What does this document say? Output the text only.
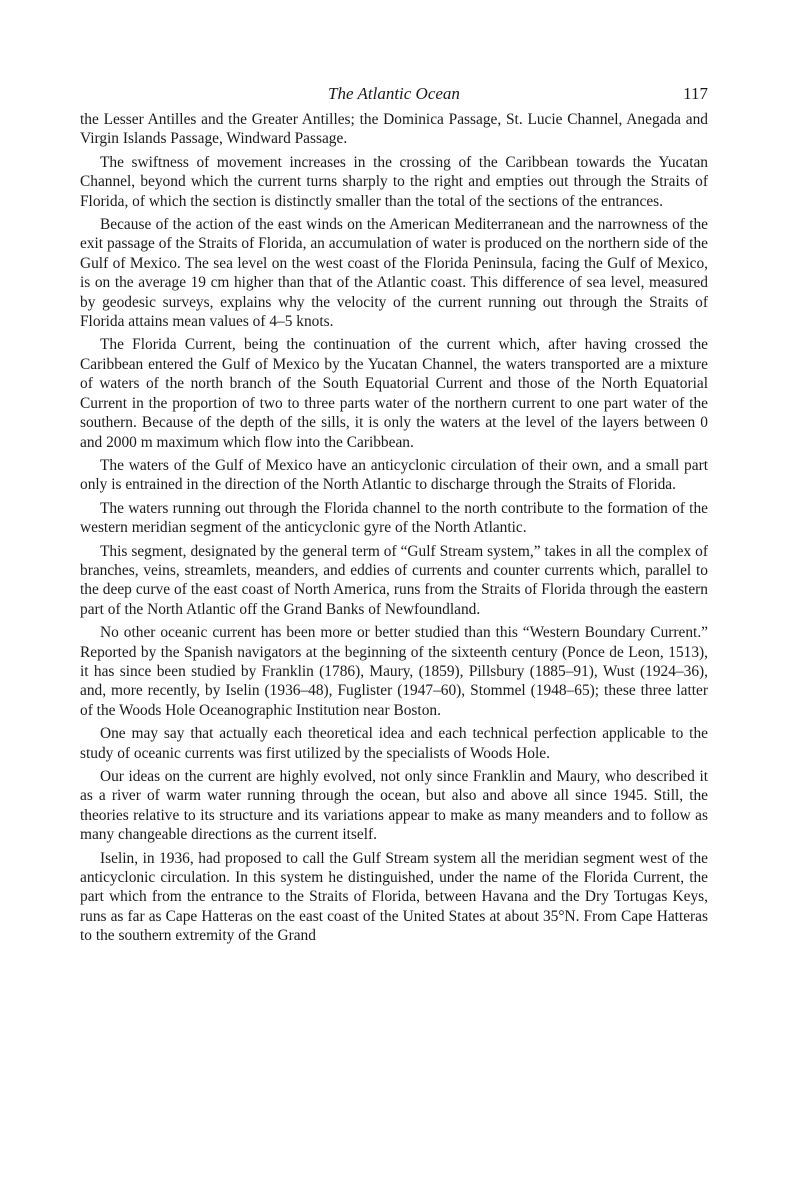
The Atlantic Ocean	117

the Lesser Antilles and the Greater Antilles; the Dominica Passage, St. Lucie Channel, Anegada and Virgin Islands Passage, Windward Passage.

The swiftness of movement increases in the crossing of the Caribbean towards the Yucatan Channel, beyond which the current turns sharply to the right and empties out through the Straits of Florida, of which the section is distinctly smaller than the total of the sections of the entrances.

Because of the action of the east winds on the American Mediterranean and the narrowness of the exit passage of the Straits of Florida, an accumulation of water is produced on the northern side of the Gulf of Mexico. The sea level on the west coast of the Florida Peninsula, facing the Gulf of Mexico, is on the average 19 cm higher than that of the Atlantic coast. This difference of sea level, measured by geodesic surveys, explains why the velocity of the current running out through the Straits of Florida attains mean values of 4–5 knots.

The Florida Current, being the continuation of the current which, after having crossed the Caribbean entered the Gulf of Mexico by the Yucatan Channel, the waters transported are a mixture of waters of the north branch of the South Equatorial Current and those of the North Equatorial Current in the proportion of two to three parts water of the northern current to one part water of the southern. Because of the depth of the sills, it is only the waters at the level of the layers between 0 and 2000 m maximum which flow into the Caribbean.

The waters of the Gulf of Mexico have an anticyclonic circulation of their own, and a small part only is entrained in the direction of the North Atlantic to discharge through the Straits of Florida.

The waters running out through the Florida channel to the north contribute to the formation of the western meridian segment of the anticyclonic gyre of the North Atlantic.

This segment, designated by the general term of “Gulf Stream system,” takes in all the complex of branches, veins, streamlets, meanders, and eddies of currents and counter currents which, parallel to the deep curve of the east coast of North America, runs from the Straits of Florida through the eastern part of the North Atlantic off the Grand Banks of Newfoundland.

No other oceanic current has been more or better studied than this “Western Boundary Current.” Reported by the Spanish navigators at the beginning of the sixteenth century (Ponce de Leon, 1513), it has since been studied by Franklin (1786), Maury, (1859), Pillsbury (1885–91), Wust (1924–36), and, more recently, by Iselin (1936–48), Fuglister (1947–60), Stommel (1948–65); these three latter of the Woods Hole Oceanographic Institution near Boston.

One may say that actually each theoretical idea and each technical perfection applicable to the study of oceanic currents was first utilized by the specialists of Woods Hole.

Our ideas on the current are highly evolved, not only since Franklin and Maury, who described it as a river of warm water running through the ocean, but also and above all since 1945. Still, the theories relative to its structure and its variations appear to make as many meanders and to follow as many changeable directions as the current itself.

Iselin, in 1936, had proposed to call the Gulf Stream system all the meridian segment west of the anticyclonic circulation. In this system he distinguished, under the name of the Florida Current, the part which from the entrance to the Straits of Florida, between Havana and the Dry Tortugas Keys, runs as far as Cape Hatteras on the east coast of the United States at about 35°N. From Cape Hatteras to the southern extremity of the Grand
